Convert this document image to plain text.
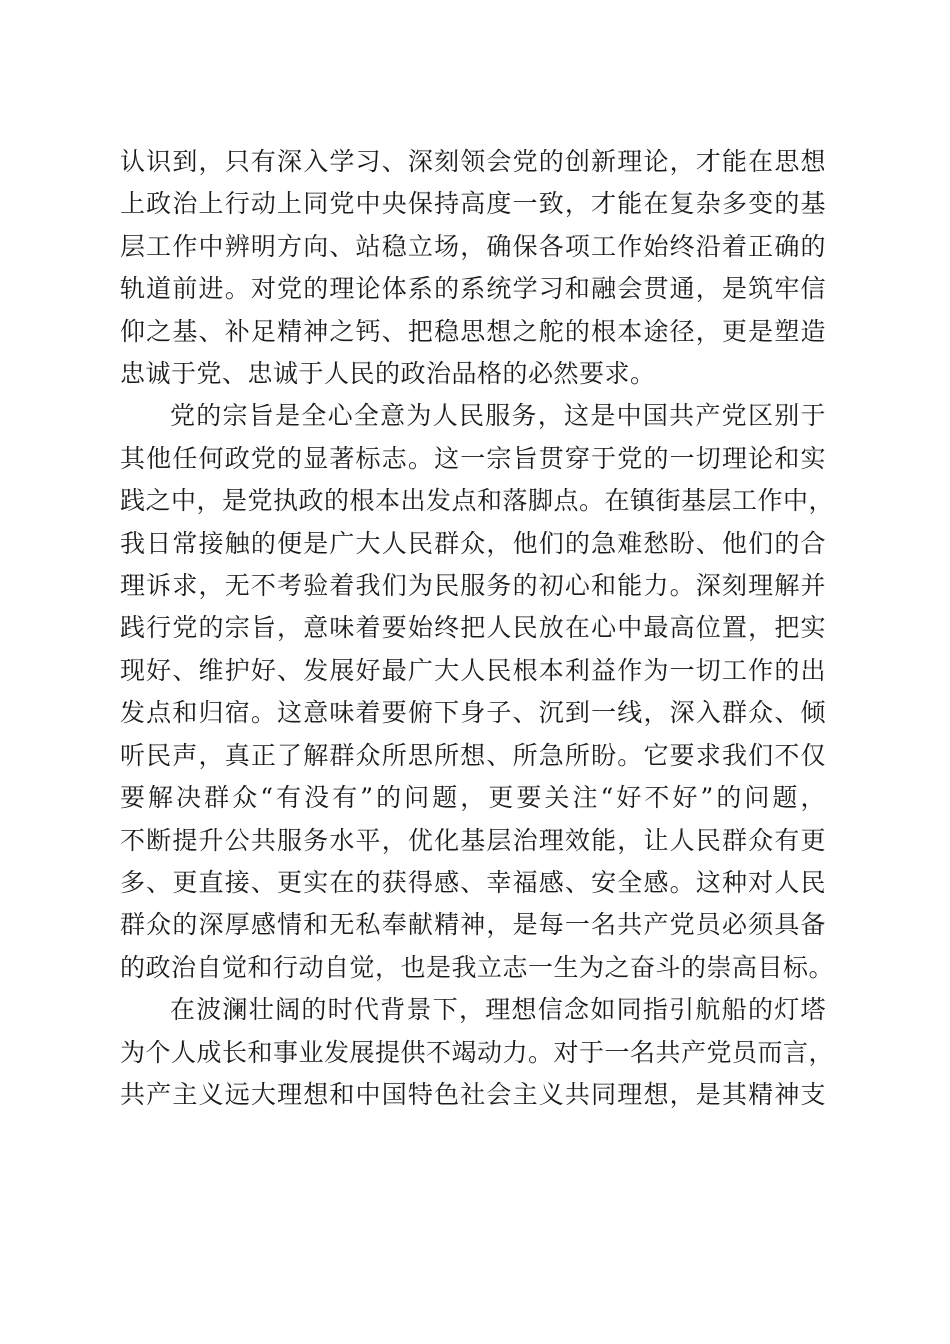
认识到，只有深入学习、深刻领会党的创新理论，才能在思想
上政治上行动上同党中央保持高度一致，才能在复杂多变的基
层工作中辨明方向、站稳立场，确保各项工作始终沿着正确的
轨道前进。对党的理论体系的系统学习和融会贯通，是筑牢信
仰之基、补足精神之钙、把稳思想之舵的根本途径，更是塑造
忠诚于党、忠诚于人民的政治品格的必然要求。

党的宗旨是全心全意为人民服务，这是中国共产党区别于
其他任何政党的显著标志。这一宗旨贯穿于党的一切理论和实
践之中，是党执政的根本出发点和落脚点。在镇街基层工作中，
我日常接触的便是广大人民群众，他们的急难愁盼、他们的合
理诉求，无不考验着我们为民服务的初心和能力。深刻理解并
践行党的宗旨，意味着要始终把人民放在心中最高位置，把实
现好、维护好、发展好最广大人民根本利益作为一切工作的出
发点和归宿。这意味着要俯下身子、沉到一线，深入群众、倾
听民声，真正了解群众所思所想、所急所盼。它要求我们不仅
要解决群众“有没有”的问题，更要关注“好不好”的问题，
不断提升公共服务水平，优化基层治理效能，让人民群众有更
多、更直接、更实在的获得感、幸福感、安全感。这种对人民
群众的深厚感情和无私奉献精神，是每一名共产党员必须具备
的政治自觉和行动自觉，也是我立志一生为之奋斗的崇高目标。

在波澜壮阔的时代背景下，理想信念如同指引航船的灯塔
为个人成长和事业发展提供不竭动力。对于一名共产党员而言，
共产主义远大理想和中国特色社会主义共同理想，是其精神支
